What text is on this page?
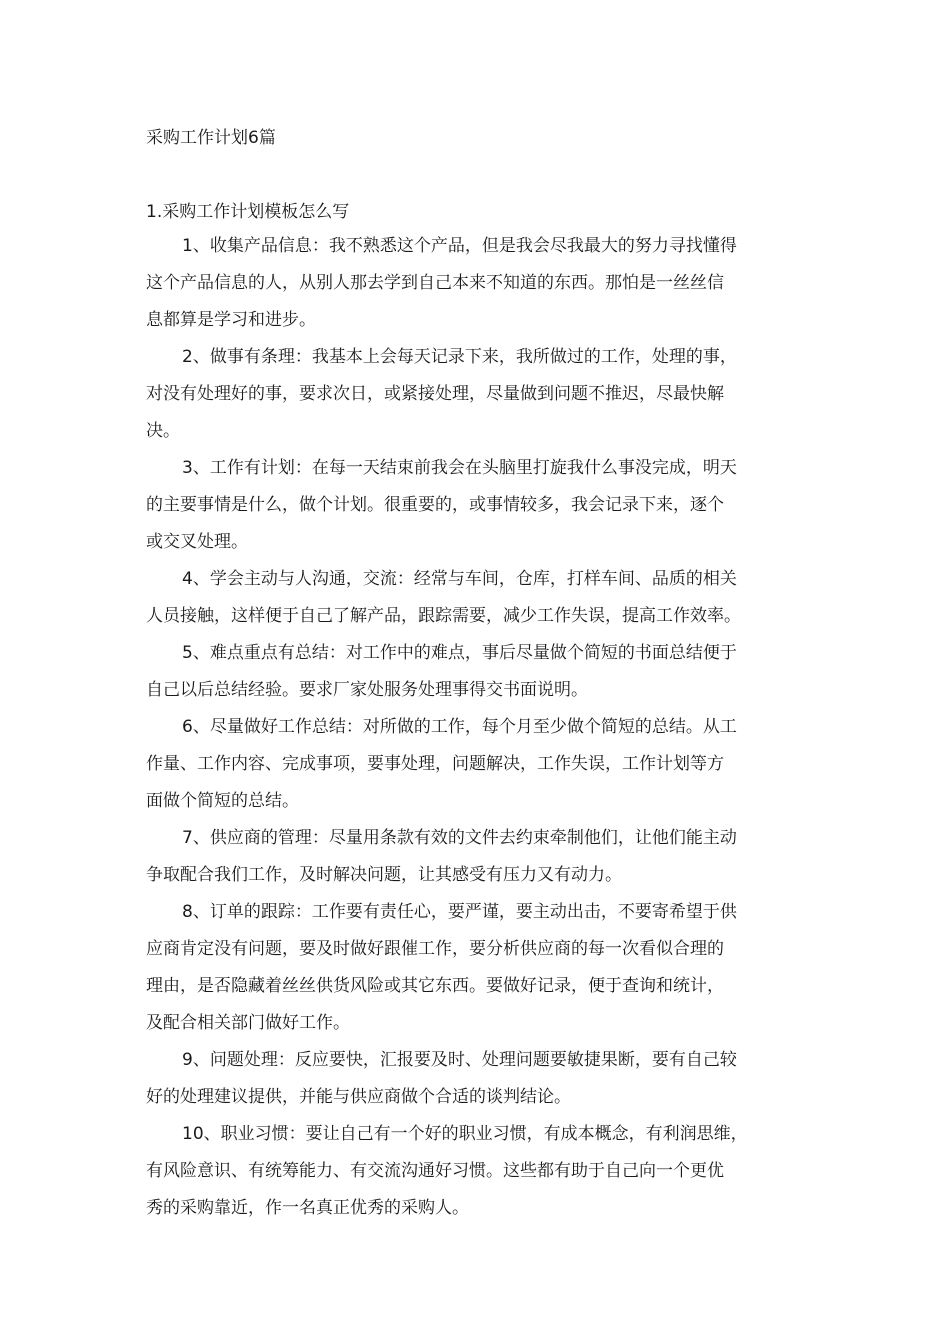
采购工作计划6篇
1.采购工作计划模板怎么写

1、收集产品信息：我不熟悉这个产品，但是我会尽我最大的努力寻找懂得
这个产品信息的人，从别人那去学到自己本来不知道的东西。那怕是一丝丝信
息都算是学习和进步。

2、做事有条理：我基本上会每天记录下来，我所做过的工作，处理的事，
对没有处理好的事，要求次日，或紧接处理，尽量做到问题不推迟，尽最快解
决。

3、工作有计划：在每一天结束前我会在头脑里打旋我什么事没完成，明天
的主要事情是什么，做个计划。很重要的，或事情较多，我会记录下来，逐个
或交叉处理。

4、学会主动与人沟通，交流：经常与车间，仓库，打样车间、品质的相关
人员接触，这样便于自己了解产品，跟踪需要，减少工作失误，提高工作效率。

5、难点重点有总结：对工作中的难点，事后尽量做个简短的书面总结便于
自己以后总结经验。要求厂家处服务处理事得交书面说明。

6、尽量做好工作总结：对所做的工作，每个月至少做个简短的总结。从工
作量、工作内容、完成事项，要事处理，问题解决，工作失误，工作计划等方
面做个简短的总结。

7、供应商的管理：尽量用条款有效的文件去约束牵制他们，让他们能主动
争取配合我们工作，及时解决问题，让其感受有压力又有动力。

8、订单的跟踪：工作要有责任心，要严谨，要主动出击，不要寄希望于供
应商肯定没有问题，要及时做好跟催工作，要分析供应商的每一次看似合理的
理由，是否隐藏着丝丝供货风险或其它东西。要做好记录，便于查询和统计，
及配合相关部门做好工作。

9、问题处理：反应要快，汇报要及时、处理问题要敏捷果断，要有自己较
好的处理建议提供，并能与供应商做个合适的谈判结论。

10、职业习惯：要让自己有一个好的职业习惯，有成本概念，有利润思维，
有风险意识、有统筹能力、有交流沟通好习惯。这些都有助于自己向一个更优
秀的采购靠近，作一名真正优秀的采购人。
